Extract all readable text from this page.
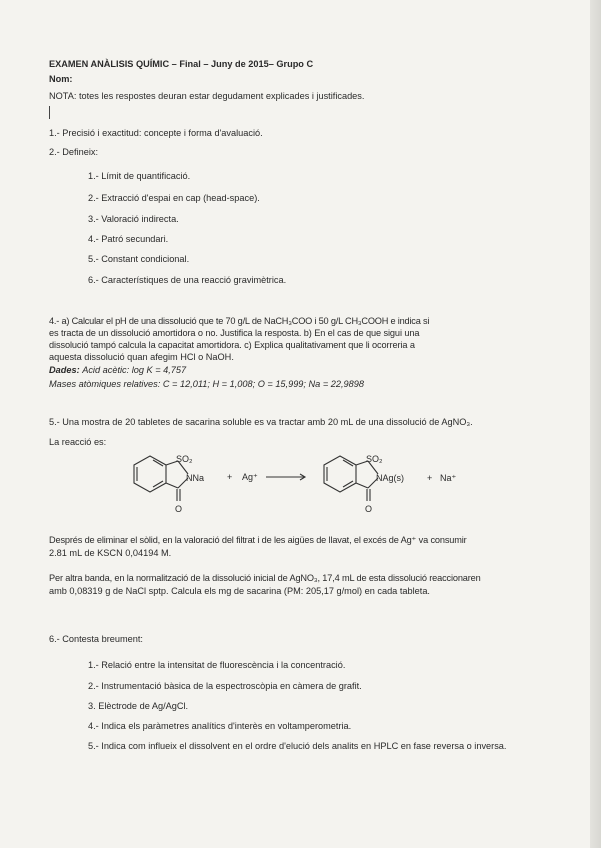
EXAMEN ANÀLISIS QUÍMIC – Final – Juny de 2015– Grupo C
Nom:
NOTA: totes les respostes deuran estar degudament explicades i justificades.
1.- Precisió i exactitud: concepte i forma d'avaluació.
2.- Defineix:
1.- Límit de quantificació.
2.- Extracció d'espai en cap (head-space).
3.- Valoració indirecta.
4.- Patró secundari.
5.- Constant condicional.
6.- Característiques de una reacció gravimètrica.
4.- a) Calcular el pH de una dissolució que te 70 g/L de NaCH₃COO i 50 g/L CH₃COOH e indica si
es tracta de un dissolució amortidora o no. Justifica la resposta. b) En el cas de que sigui una
dissolució tampó calcula la capacitat amortidora. c) Explica qualitativament que li ocorreria a
aquesta dissolució quan afegim HCl o NaOH.
Dades: Acid acètic: log K = 4,757
Mases atòmiques relatives: C = 12,011; H = 1,008; O = 15,999; Na = 22,9898
5.- Una mostra de 20 tabletes de sacarina soluble es va tractar amb 20 mL de una dissolució de AgNO₃.
La reacció es:
SO₂
NNa
O
+ Ag⁺
SO₂
NAg(s)
O
+ Na⁺
Després de eliminar el sòlid, en la valoració del filtrat i de les aigües de llavat, el excés de Ag⁺ va consumir
2.81 mL de KSCN 0,04194 M.
Per altra banda, en la normalització de la dissolució inicial de AgNO₃, 17,4 mL de esta dissolució reaccionaren
amb 0,08319 g de NaCl sptp. Calcula els mg de sacarina (PM: 205,17 g/mol) en cada tableta.
6.- Contesta breument:
1.- Relació entre la intensitat de fluorescència i la concentració.
2.- Instrumentació bàsica de la espectroscòpia en càmera de grafit.
3. Elèctrode de Ag/AgCl.
4.- Indica els paràmetres analítics d'interès en voltamperometria.
5.- Indica com influeix el dissolvent en el ordre d'elució dels analits en HPLC en fase reversa o inversa.
